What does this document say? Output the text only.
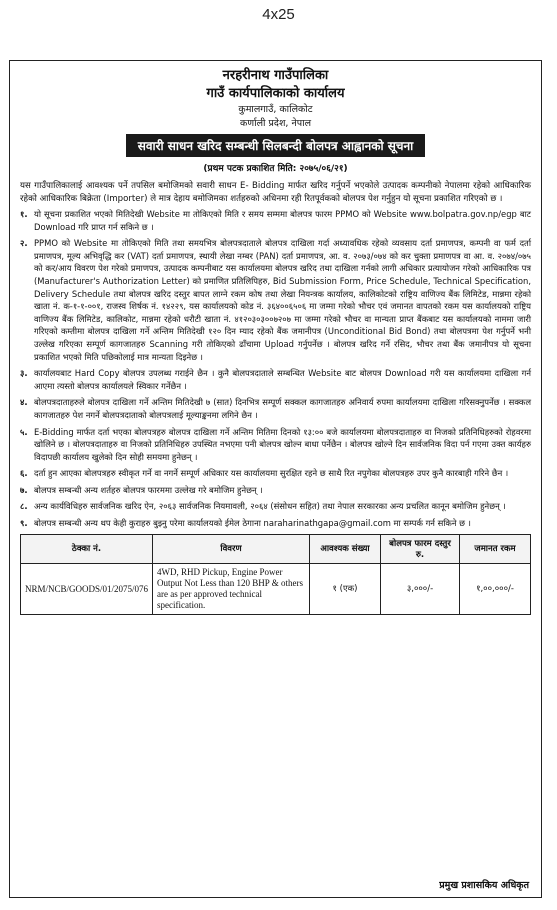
4x25
नरहरीनाथ गाउँपालिका
गाउँ कार्यपालिकाको कार्यालय
कुमालगाउँ, कालिकोट
कर्णाली प्रदेश, नेपाल
सवारी साधन खरिद सम्बन्धी सिलबन्दी बोलपत्र आह्वानको सूचना
(प्रथम पटक प्रकाशित मिति: २०७५/०६/२१)
यस गाउँपालिकालाई आवश्यक पर्ने तपसिल बमोजिमको सवारी साधन E- Bidding मार्फत खरिद गर्नुपर्ने भएकोले उत्पादक कम्पनीको नेपालमा रहेको आधिकारिक रहेको आधिकारिक बिक्रेता (Importer) ले मात्र देहाय बमोजिमका शर्तहरुको अधिनमा रही रितपूर्वकको बोलपत्र पेश गर्नुहुन यो सूचना प्रकाशित गरिएको छ ।
१. यो सूचना प्रकाशित भएको मितिदेखी Website मा तोकिएको मिति र समय सम्ममा बोलपत्र फारम PPMO को Website www.bolpatra.gov.np/egp बाट Download गरि प्राप्त गर्न सकिने छ ।
२. PPMO को Website मा तोकिएको मिति तथा समयभित्र बोलपत्रदाताले बोलपत्र दाखिला गर्दा अध्यावधिक रहेको व्यवसाय दर्ता प्रमाणपत्र, कम्पनी वा फर्म दर्ता प्रमाणपत्र, मूल्य अभिवृद्धि कर (VAT) दर्ता प्रमाणपत्र, स्थायी लेखा नम्बर (PAN) दर्ता प्रमाणपत्र, आ. व. २०७३/०७४ को कर चुक्ता प्रमाणपत्र वा आ. व. २०७४/०७५ को कर/आय विवरण पेश गरेको प्रमाणपत्र, उत्पादक कम्पनीबाट यस कार्यालयमा बोलपत्र खरिद तथा दाखिला गर्नको लागी अधिकार प्रत्यायोजन गरेको आधिकारिक पत्र (Manufacturer's Authorization Letter) को प्रमाणित प्रतिलिपिहरु, Bid Submission Form, Price Schedule, Technical Specification, Delivery Schedule तथा बोलपत्र खरिद दस्तुर बापत लाग्ने रकम कोष तथा लेखा नियन्त्रक कार्यालय, कालिकोटको राष्ट्रिय वाणिज्य बैंक लिमिटेड, मान्नमा रहेको खाता नं. क-१-१-००१, राजस्व शिर्षक नं. १४२२९, यस कार्यालयको कोड नं. ३६४००६५०६ मा जम्मा गरेको भौचर एवं जमानत वापतको रकम यस कार्यालयको राष्ट्रिय वाणिज्य बैंक लिमिटेड, कालिकोट, मान्नमा रहेको धरौटी खाता नं. ४१२०३०३००७२०७ मा जम्मा गरेको भौचर वा मान्यता प्राप्त बैंकबाट यस कार्यालयको नाममा जारी गरिएको कम्तीमा बोलपत्र दाखिला गर्ने अन्तिम मितिदेखी १२० दिन म्याद रहेको बैंक जमानीपत्र (Unconditional Bid Bond) तथा बोलपत्रमा पेश गर्नुपर्ने भनी उल्लेख गरिएका सम्पूर्ण कागजातहरु Scanning गरी तोकिएको ढाँचामा Upload गर्नुपर्नेछ । बोलपत्र खरिद गर्ने रसिद, भौचर तथा बैंक जमानीपत्र यो सूचना प्रकाशित भएको मिति पछिकोलाई मात्र मान्यता दिइनेछ ।
३. कार्यालयबाट Hard Copy बोलपत्र उपलब्ध गराईने छैन । कुनै बोलपत्रदाताले सम्बन्धित Website बाट बोलपत्र Download गरी यस कार्यालयमा दाखिला गर्न आएमा त्यस्तो बोलपत्र कार्यालयले स्विकार गर्नेछैन ।
४. बोलपत्रदाताहरुले बोलपत्र दाखिला गर्ने अन्तिम मितिदेखी ७ (सात) दिनभित्र सम्पूर्ण सक्कल कागजातहरु अनिवार्य रुपमा कार्यालयमा दाखिला गरिसक्नुपर्नेछ । सक्कल कागजातहरु पेश नगर्ने बोलपत्रदाताको बोलपत्रलाई मूल्याङ्कनमा लगिने छैन ।
५. E-Bidding मार्फत दर्ता भएका बोलपत्रहरु बोलपत्र दाखिला गर्ने अन्तिम मितिमा दिनको १३:०० बजे कार्यालयमा बोलपत्रदाताहरु वा निजको प्रतिनिधिहरुको रोहवरमा खोलिने छ । बोलपत्रदाताहरु वा निजको प्रतिनिधिहरु उपस्थित नभएमा पनी बोलपत्र खोल्न बाधा पर्नेछैन । बोलपत्र खोल्ने दिन सार्वजनिक विदा पर्न गएमा उक्त कार्यहरु विदापछी कार्यालय खुलेको दिन सोही समयमा हुनेछन् ।
६. दर्ता हुन आएका बोलपत्रहरु स्वीकृत गर्ने वा नगर्ने सम्पूर्ण अधिकार यस कार्यालयमा सुरक्षित रहने छ साथै रित नपुगेका बोलपत्रहरु उपर कुनै कारबाही गरिने छैन ।
७. बोलपत्र सम्बन्धी अन्य शर्तहरु बोलपत्र फारममा उल्लेख गरे बमोजिम हुनेछन् ।
८. अन्य कार्यविधिहरु सार्वजनिक खरिद ऐन, २०६३ सार्वजनिक नियमावली, २०६४ (संसोधन सहित) तथा नेपाल सरकारका अन्य प्रचलित कानून बमोजिम हुनेछन् ।
९. बोलपत्र सम्बन्धी अन्य थप केही कुराहरु बुझ्नु परेमा कार्यालयको ईमेल ठेगाना naraharinathgapa@gmail.com मा सम्पर्क गर्न सकिने छ ।
ठेक्का नं.	विवरण	आवश्यक संख्या	बोलपत्र फारम दस्तुर रु.	जमानत रकम
NRM/NCB/GOODS/01/2075/076	4WD, RHD Pickup, Engine Power Output Not Less than 120 BHP & others are as per approved technical specification.	१ (एक)	३,०००/-	१,००,०००/-
प्रमुख प्रशासकिय अधिकृत
